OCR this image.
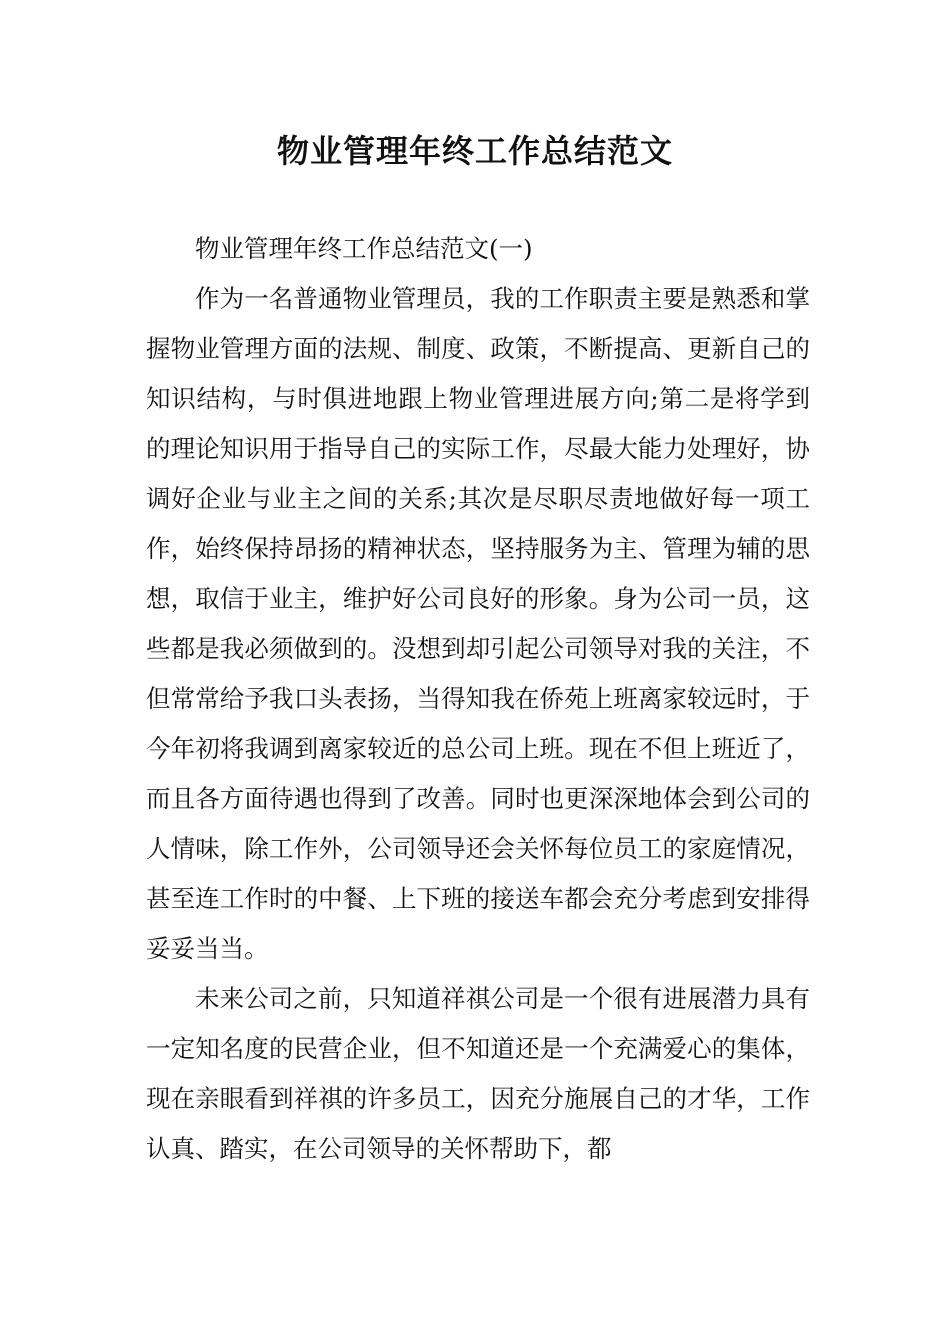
物业管理年终工作总结范文

物业管理年终工作总结范文(一)

作为一名普通物业管理员，我的工作职责主要是熟悉和掌握物业管理方面的法规、制度、政策，不断提高、更新自己的知识结构，与时俱进地跟上物业管理进展方向;第二是将学到的理论知识用于指导自己的实际工作，尽最大能力处理好，协调好企业与业主之间的关系;其次是尽职尽责地做好每一项工作，始终保持昂扬的精神状态，坚持服务为主、管理为辅的思想，取信于业主，维护好公司良好的形象。身为公司一员，这些都是我必须做到的。没想到却引起公司领导对我的关注，不但常常给予我口头表扬，当得知我在侨苑上班离家较远时，于今年初将我调到离家较近的总公司上班。现在不但上班近了，而且各方面待遇也得到了改善。同时也更深深地体会到公司的人情味，除工作外，公司领导还会关怀每位员工的家庭情况，甚至连工作时的中餐、上下班的接送车都会充分考虑到安排得妥妥当当。

未来公司之前，只知道祥祺公司是一个很有进展潜力具有一定知名度的民营企业，但不知道还是一个充满爱心的集体， 现在亲眼看到祥祺的许多员工，因充分施展自己的才华，工作认真、踏实，在公司领导的关怀帮助下，都
